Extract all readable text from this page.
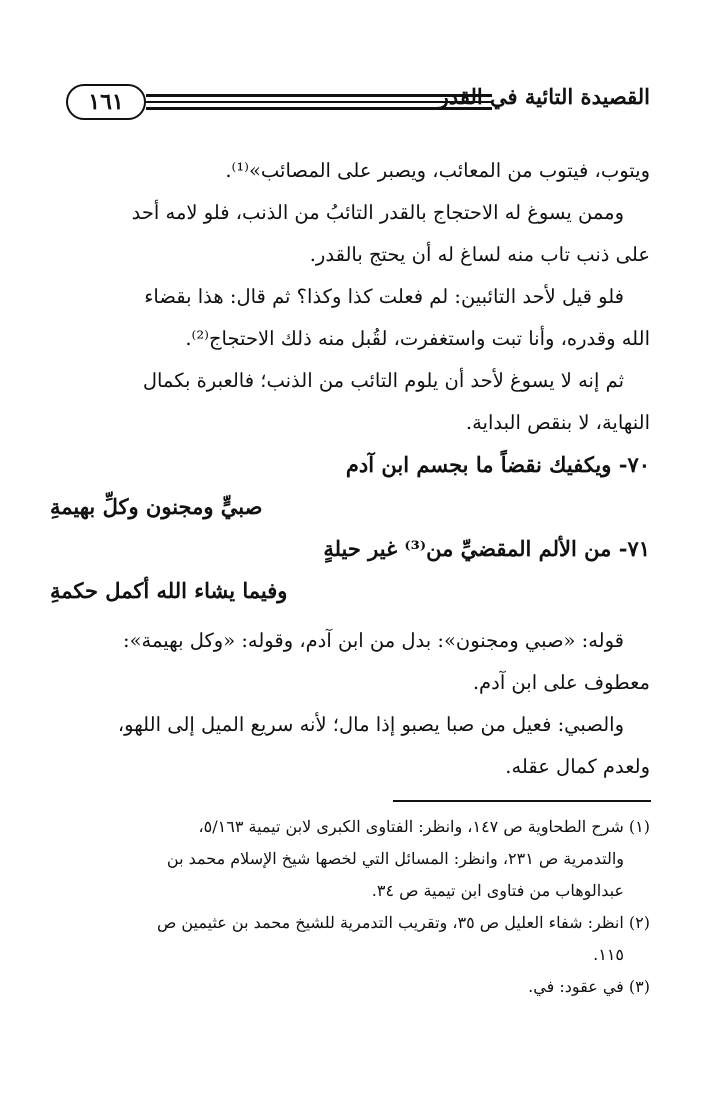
١٦١	القصيدة التائية في القدر

ويتوب، فيتوب من المعائب، ويصبر على المصائب»⁽¹⁾.

وممن يسوغ له الاحتجاج بالقدر التائبُ من الذنب، فلو لامه أحد

على ذنب تاب منه لساغ له أن يحتج بالقدر.

فلو قيل لأحد التائبين: لم فعلت كذا وكذا؟ ثم قال: هذا بقضاء

الله وقدره، وأنا تبت واستغفرت، لقُبل منه ذلك الاحتجاج⁽²⁾.

ثم إنه لا يسوغ لأحد أن يلوم التائب من الذنب؛ فالعبرة بكمال

النهاية، لا بنقص البداية.

٧٠- ويكفيك نقضاً ما بجسم ابن آدم
صبيٍّ ومجنون وكلِّ بهيمةِ
٧١- من الألم المقضيِّ من⁽³⁾ غير حيلةٍ
وفيما يشاء الله أكمل حكمةِ

قوله: «صبي ومجنون»: بدل من ابن آدم، وقوله: «وكل بهيمة»:

معطوف على ابن آدم.

والصبي: فعيل من صبا يصبو إذا مال؛ لأنه سريع الميل إلى اللهو،

ولعدم كمال عقله.

(١) شرح الطحاوية ص ١٤٧، وانظر: الفتاوى الكبرى لابن تيمية ٥/١٦٣،

والتدمرية ص ٢٣١، وانظر: المسائل التي لخصها شيخ الإسلام محمد بن

عبدالوهاب من فتاوى ابن تيمية ص ٣٤.

(٢) انظر: شفاء العليل ص ٣٥، وتقريب التدمرية للشيخ محمد بن عثيمين ص

١١٥.

(٣) في عقود: في.
